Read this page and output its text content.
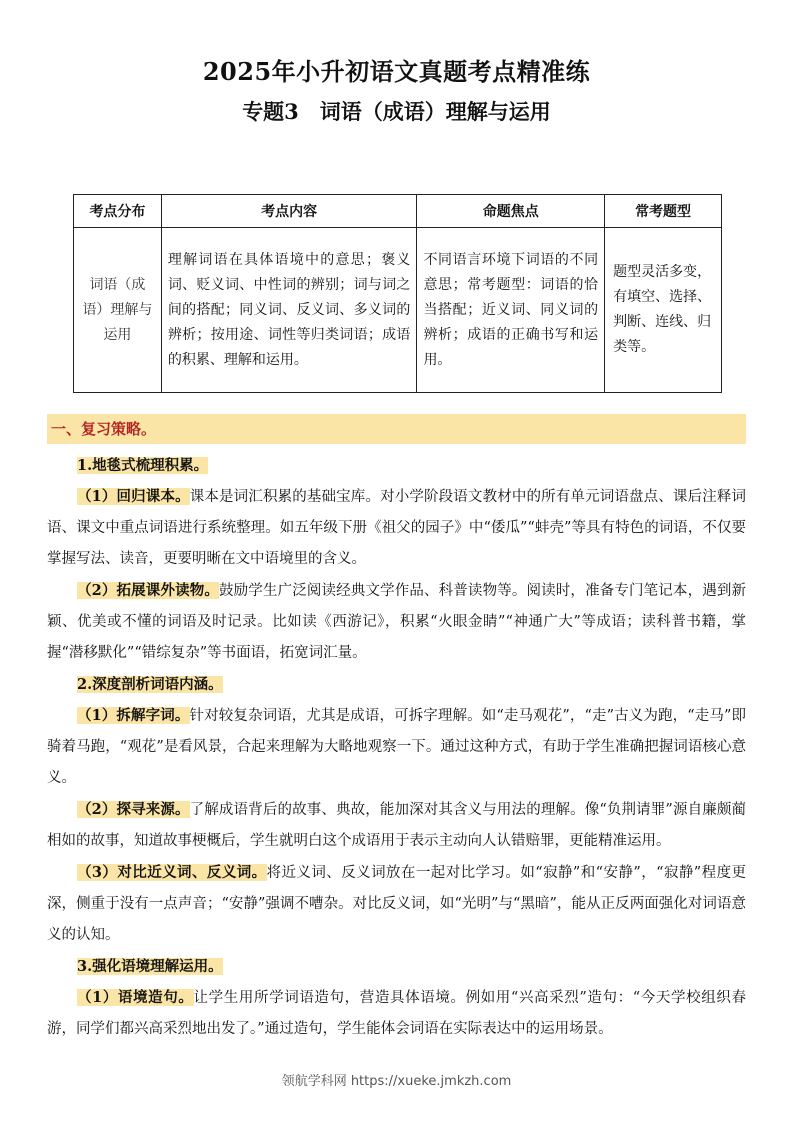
2025年小升初语文真题考点精准练
专题3　词语（成语）理解与运用
考点分布	考点内容	命题焦点	常考题型
词语（成语）理解与运用	理解词语在具体语境中的意思；褒义词、贬义词、中性词的辨别；词与词之间的搭配；同义词、反义词、多义词的辨析；按用途、词性等归类词语；成语的积累、理解和运用。	不同语言环境下词语的不同意思；常考题型：词语的恰当搭配；近义词、同义词的辨析；成语的正确书写和运用。	题型灵活多变，有填空、选择、判断、连线、归类等。
一、复习策略。

1.地毯式梳理积累。

（1）回归课本。课本是词汇积累的基础宝库。对小学阶段语文教材中的所有单元词语盘点、课后注释词语、课文中重点词语进行系统整理。如五年级下册《祖父的园子》中“倭瓜”“蚌壳”等具有特色的词语，不仅要掌握写法、读音，更要明晰在文中语境里的含义。

（2）拓展课外读物。鼓励学生广泛阅读经典文学作品、科普读物等。阅读时，准备专门笔记本，遇到新颖、优美或不懂的词语及时记录。比如读《西游记》，积累“火眼金睛”“神通广大”等成语；读科普书籍，掌握“潜移默化”“错综复杂”等书面语，拓宽词汇量。

2.深度剖析词语内涵。

（1）拆解字词。针对较复杂词语，尤其是成语，可拆字理解。如“走马观花”，“走”古义为跑，“走马”即骑着马跑，“观花”是看风景，合起来理解为大略地观察一下。通过这种方式，有助于学生准确把握词语核心意义。

（2）探寻来源。了解成语背后的故事、典故，能加深对其含义与用法的理解。像“负荆请罪”源自廉颇蔺相如的故事，知道故事梗概后，学生就明白这个成语用于表示主动向人认错赔罪，更能精准运用。

（3）对比近义词、反义词。将近义词、反义词放在一起对比学习。如“寂静”和“安静”，“寂静”程度更深，侧重于没有一点声音；“安静”强调不嘈杂。对比反义词，如“光明”与“黑暗”，能从正反两面强化对词语意义的认知。

3.强化语境理解运用。

（1）语境造句。让学生用所学词语造句，营造具体语境。例如用“兴高采烈”造句：“今天学校组织春游，同学们都兴高采烈地出发了。”通过造句，学生能体会词语在实际表达中的运用场景。

领航学科网 https://xueke.jmkzh.com
